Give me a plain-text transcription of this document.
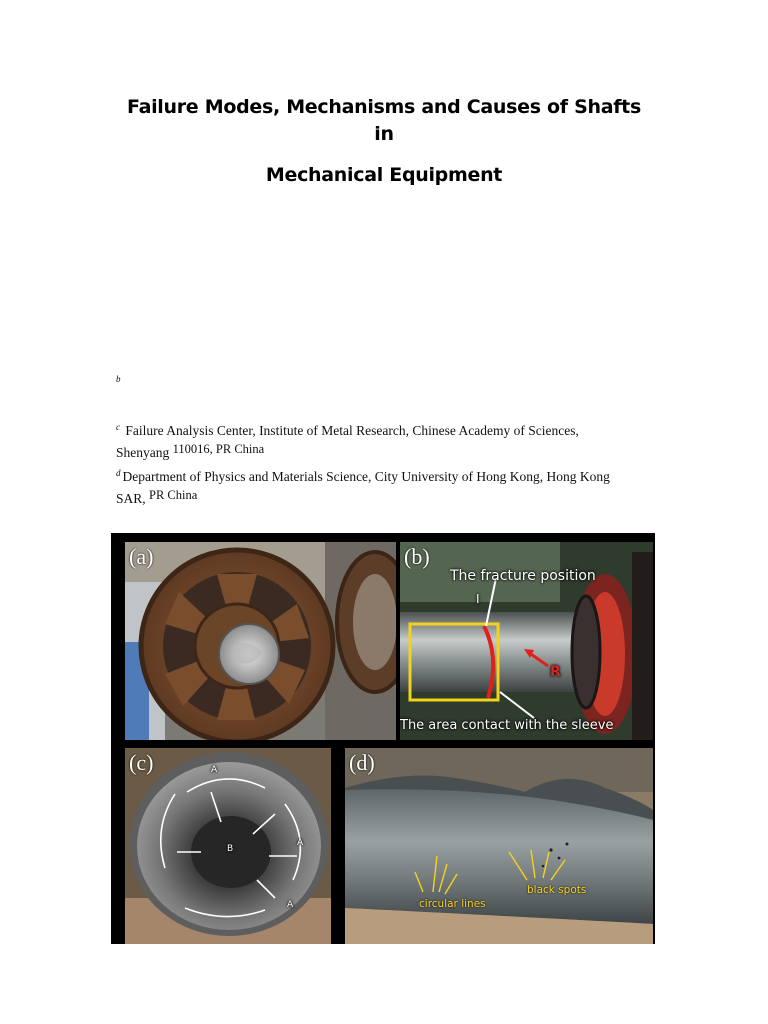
Failure Modes, Mechanisms and Causes of Shafts
in
Mechanical Equipment

$^b$

$^c$ Failure Analysis Center, Institute of Metal Research, Chinese Academy of Sciences,
Shenyang 110016, PR China

$^d$ Department of Physics and Materials Science, City University of Hong Kong, Hong Kong
SAR, PR China

(a)	(b)
The fracture position
I
R
The area contact with the sleeve
(c)	A
A
A
B
(d)
circular lines
black spots
